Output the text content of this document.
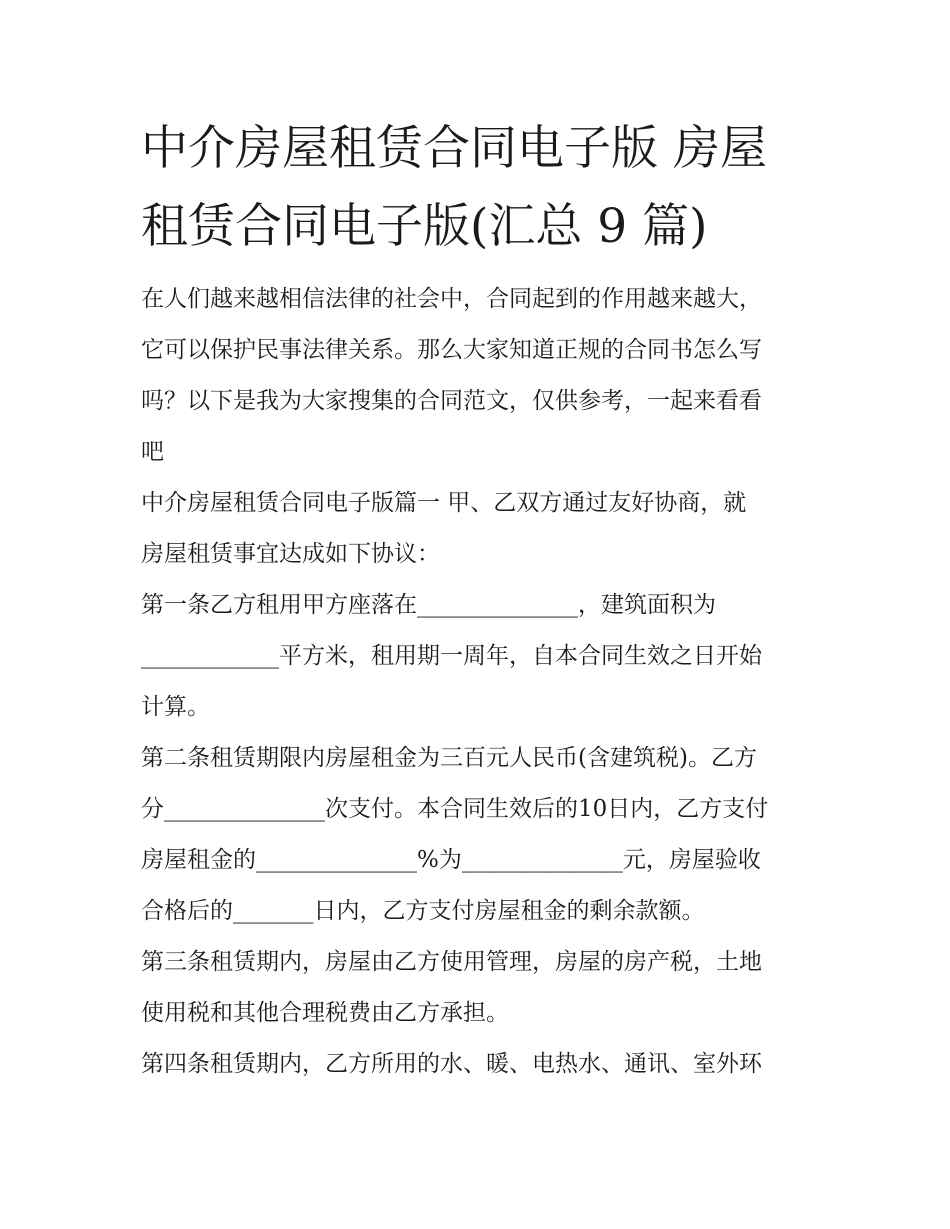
中介房屋租赁合同电子版 房屋
租赁合同电子版(汇总 9 篇)
在人们越来越相信法律的社会中，合同起到的作用越来越大，
它可以保护民事法律关系。那么大家知道正规的合同书怎么写
吗？以下是我为大家搜集的合同范文，仅供参考，一起来看看
吧
中介房屋租赁合同电子版篇一 甲、乙双方通过友好协商，就
房屋租赁事宜达成如下协议：
第一条乙方租用甲方座落在______________，建筑面积为
____________平方米，租用期一周年，自本合同生效之日开始
计算。
第二条租赁期限内房屋租金为三百元人民币(含建筑税)。乙方
分______________次支付。本合同生效后的10日内，乙方支付
房屋租金的______________%为______________元，房屋验收
合格后的_______日内，乙方支付房屋租金的剩余款额。
第三条租赁期内，房屋由乙方使用管理，房屋的房产税，土地
使用税和其他合理税费由乙方承担。
第四条租赁期内，乙方所用的水、暖、电热水、通讯、室外环
